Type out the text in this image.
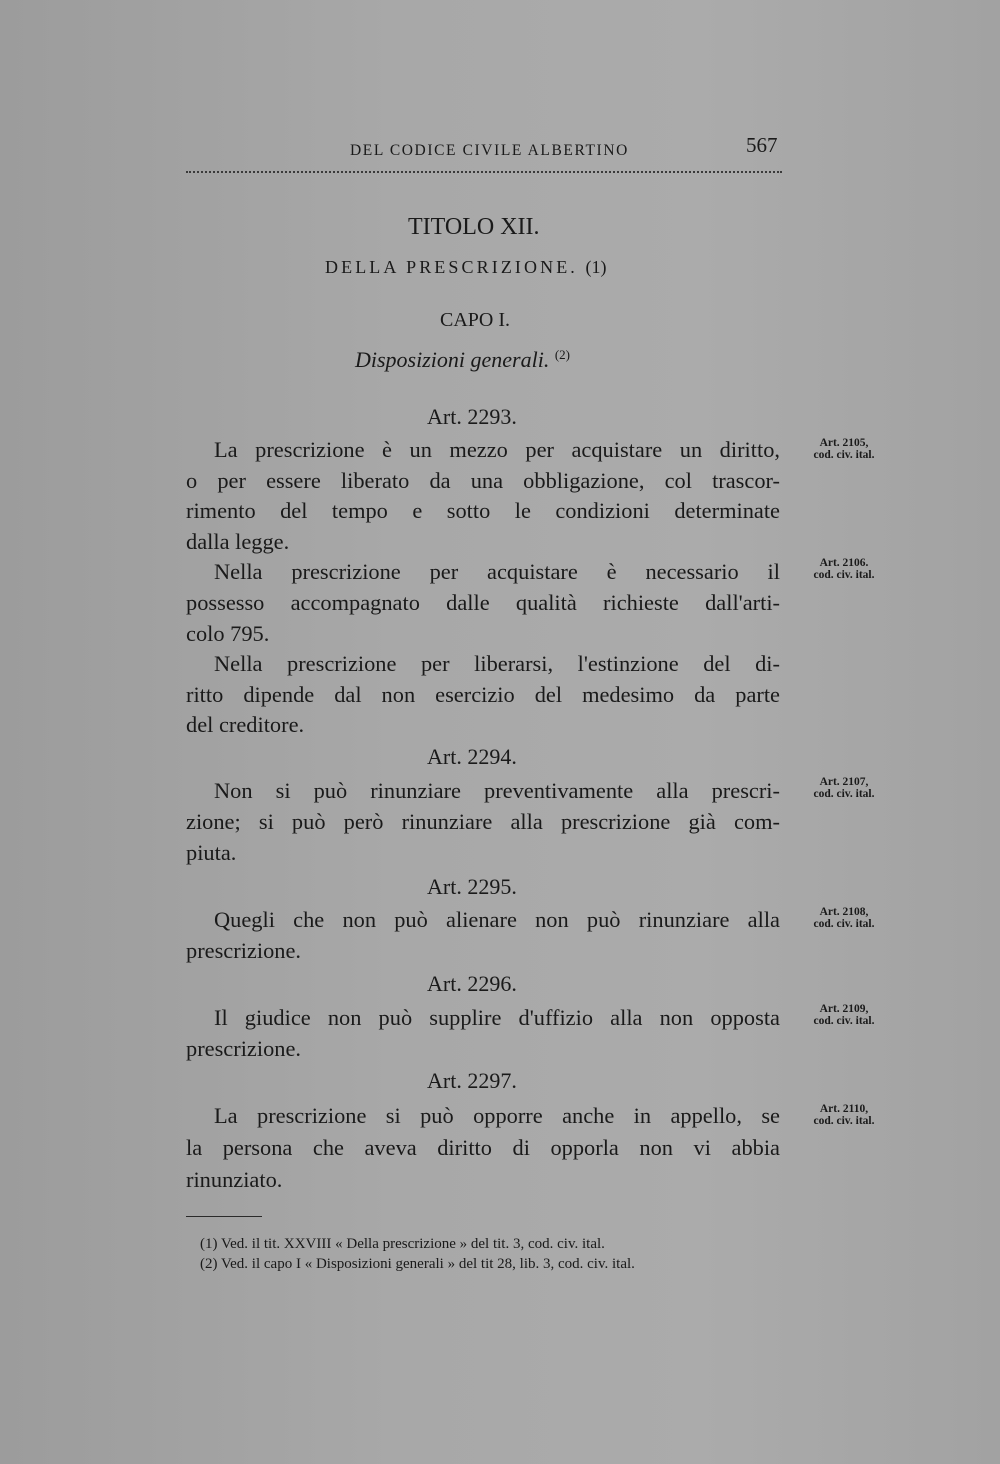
DEL CODICE CIVILE ALBERTINO	567
TITOLO XII.
DELLA PRESCRIZIONE. (1)
CAPO I.
Disposizioni generali. $^{(2)}$
Art. 2293.
La prescrizione è un mezzo per acquistare un diritto,
o per essere liberato da una obbligazione, col trascor-
rimento del tempo e sotto le condizioni determinate
dalla legge.
Nella prescrizione per acquistare è necessario il
possesso accompagnato dalle qualità richieste dall'arti-
colo 795.
Nella prescrizione per liberarsi, l'estinzione del di-
ritto dipende dal non esercizio del medesimo da parte
del creditore.
Art. 2294.
Non si può rinunziare preventivamente alla prescri-
zione; si può però rinunziare alla prescrizione già com-
piuta.
Art. 2295.
Quegli che non può alienare non può rinunziare alla
prescrizione.
Art. 2296.
Il giudice non può supplire d'uffizio alla non opposta
prescrizione.
Art. 2297.
La prescrizione si può opporre anche in appello, se
la persona che aveva diritto di opporla non vi abbia
rinunziato.
Art. 2105,
cod. civ. ital.
Art. 2106.
cod. civ. ital.
Art. 2107,
cod. civ. ital.
Art. 2108,
cod. civ. ital.
Art. 2109,
cod. civ. ital.
Art. 2110,
cod. civ. ital.
(1) Ved. il tit. XXVIII « Della prescrizione » del tit. 3, cod. civ. ital.
(2) Ved. il capo I « Disposizioni generali » del tit 28, lib. 3, cod. civ. ital.
